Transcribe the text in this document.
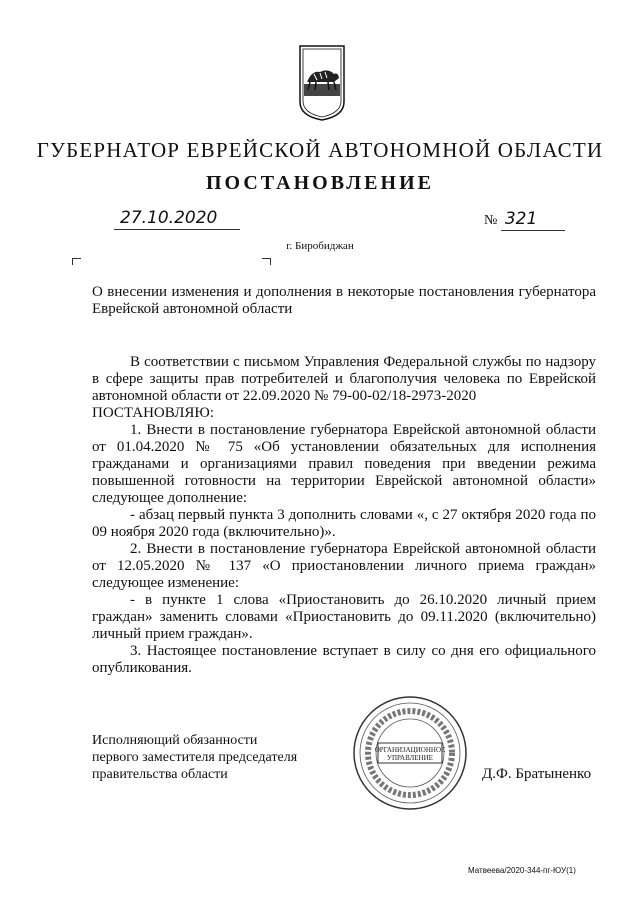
ГУБЕРНАТОР ЕВРЕЙСКОЙ АВТОНОМНОЙ ОБЛАСТИ
ПОСТАНОВЛЕНИЕ
27.10.2020	№ 321
г. Биробиджан

О внесении изменения и дополнения в некоторые постановления губернатора Еврейской автономной области

В соответствии с письмом Управления Федеральной службы по надзору в сфере защиты прав потребителей и благополучия человека по Еврейской автономной области от 22.09.2020 № 79-00-02/18-2973-2020

ПОСТАНОВЛЯЮ:

1. Внести в постановление губернатора Еврейской автономной области от 01.04.2020 № 75 «Об установлении обязательных для исполнения гражданами и организациями правил поведения при введении режима повышенной готовности на территории Еврейской автономной области» следующее дополнение:

- абзац первый пункта 3 дополнить словами «, с 27 октября 2020 года по 09 ноября 2020 года (включительно)».

2. Внести в постановление губернатора Еврейской автономной области от 12.05.2020 № 137 «О приостановлении личного приема граждан» следующее изменение:

- в пункте 1 слова «Приостановить до 26.10.2020 личный прием граждан» заменить словами «Приостановить до 09.11.2020 (включительно) личный прием граждан».

3. Настоящее постановление вступает в силу со дня его официального опубликования.

Исполняющий обязанности
первого заместителя председателя
правительства области
ОРГАНИЗАЦИОННОЕ
УПРАВЛЕНИЕ
Д.Ф. Братыненко
Матвеева/2020-344-пг-ЮУ(1)
